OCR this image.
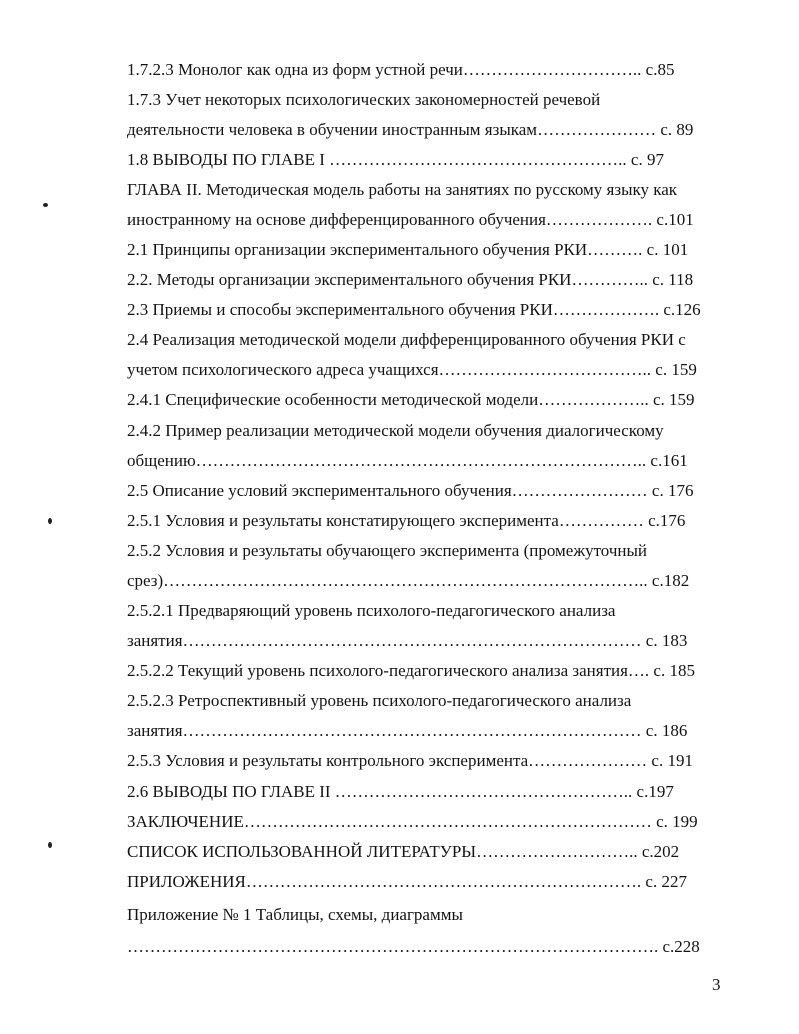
1.7.2.3 Монолог как одна из форм устной речи………………………….. с.85
1.7.3 Учет некоторых психологических закономерностей речевой
деятельности человека в обучении иностранным языкам………………… с. 89
1.8 ВЫВОДЫ ПО ГЛАВЕ I …………………………………………….. с. 97
ГЛАВА II. Методическая модель работы на занятиях по русскому языку как
иностранному на основе дифференцированного обучения………………. с.101
2.1 Принципы организации экспериментального обучения РКИ………. с. 101
2.2. Методы организации экспериментального обучения РКИ………….. с. 118
2.3 Приемы и способы экспериментального обучения РКИ………………. с.126
2.4 Реализация методической модели дифференцированного обучения РКИ с
учетом психологического адреса учащихся……………………………….. с. 159
2.4.1 Специфические особенности методической модели……………….. с. 159
2.4.2 Пример реализации методической модели обучения диалогическому
общению…………………………………………………………………….. с.161
2.5 Описание условий экспериментального обучения…………………… с. 176
2.5.1 Условия и результаты констатирующего эксперимента…………… с.176
2.5.2 Условия и результаты обучающего эксперимента (промежуточный
срез)………………………………………………………………………….. с.182
2.5.2.1 Предваряющий уровень психолого-педагогического анализа
занятия……………………………………………………………………… с. 183
2.5.2.2 Текущий уровень психолого-педагогического анализа занятия…. с. 185
2.5.2.3 Ретроспективный уровень психолого-педагогического анализа
занятия……………………………………………………………………… с. 186
2.5.3 Условия и результаты контрольного эксперимента………………… с. 191
2.6 ВЫВОДЫ ПО ГЛАВЕ II …………………………………………….. с.197
ЗАКЛЮЧЕНИЕ……………………………………………………………… с. 199
СПИСОК ИСПОЛЬЗОВАННОЙ ЛИТЕРАТУРЫ……………………….. с.202
ПРИЛОЖЕНИЯ……………………………………………………………. с. 227
Приложение № 1 Таблицы, схемы, диаграммы
…………………………………………………………………………………. с.228
3
